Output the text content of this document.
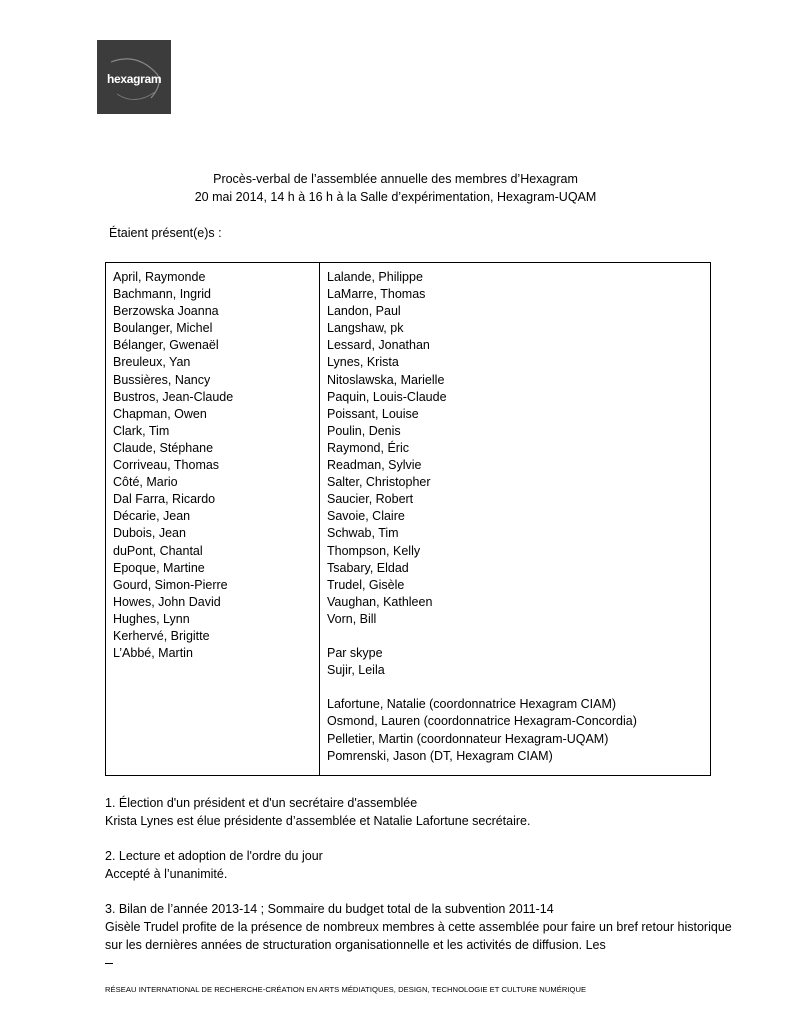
hexagram
Procès-verbal de l’assemblée annuelle des membres d’Hexagram
20 mai 2014, 14 h à 16 h à la Salle d’expérimentation, Hexagram-UQAM
Étaient présent(e)s :
April, Raymonde
Bachmann, Ingrid
Berzowska Joanna
Boulanger, Michel
Bélanger, Gwenaël
Breuleux, Yan
Bussières, Nancy
Bustros, Jean-Claude
Chapman, Owen
Clark, Tim
Claude, Stéphane
Corriveau, Thomas
Côté, Mario
Dal Farra, Ricardo
Décarie, Jean
Dubois, Jean
duPont, Chantal
Epoque, Martine
Gourd, Simon-Pierre
Howes, John David
Hughes, Lynn
Kerhervé, Brigitte
L’Abbé, Martin

Lalande, Philippe
LaMarre, Thomas
Landon, Paul
Langshaw, pk
Lessard, Jonathan
Lynes, Krista
Nitoslawska, Marielle
Paquin, Louis-Claude
Poissant, Louise
Poulin, Denis
Raymond, Éric
Readman, Sylvie
Salter, Christopher
Saucier, Robert
Savoie, Claire
Schwab, Tim
Thompson, Kelly
Tsabary, Eldad
Trudel, Gisèle
Vaughan, Kathleen
Vorn, Bill
Par skype
Sujir, Leila
Lafortune, Natalie (coordonnatrice Hexagram CIAM)
Osmond, Lauren (coordonnatrice Hexagram-Concordia)
Pelletier, Martin (coordonnateur Hexagram-UQAM)
Pomrenski, Jason (DT, Hexagram CIAM)
1. Élection d'un président et d'un secrétaire d'assemblée
Krista Lynes est élue présidente d’assemblée et Natalie Lafortune secrétaire.
2. Lecture et adoption de l'ordre du jour
Accepté à l’unanimité.
3. Bilan de l’année 2013-14 ; Sommaire du budget total de la subvention 2011-14
Gisèle Trudel profite de la présence de nombreux membres à cette assemblée pour faire un bref retour historique sur les dernières années de structuration organisationnelle et les activités de diffusion. Les
RÉSEAU INTERNATIONAL DE RECHERCHE-CRÉATION EN ARTS MÉDIATIQUES, DESIGN, TECHNOLOGIE ET CULTURE NUMÉRIQUE
